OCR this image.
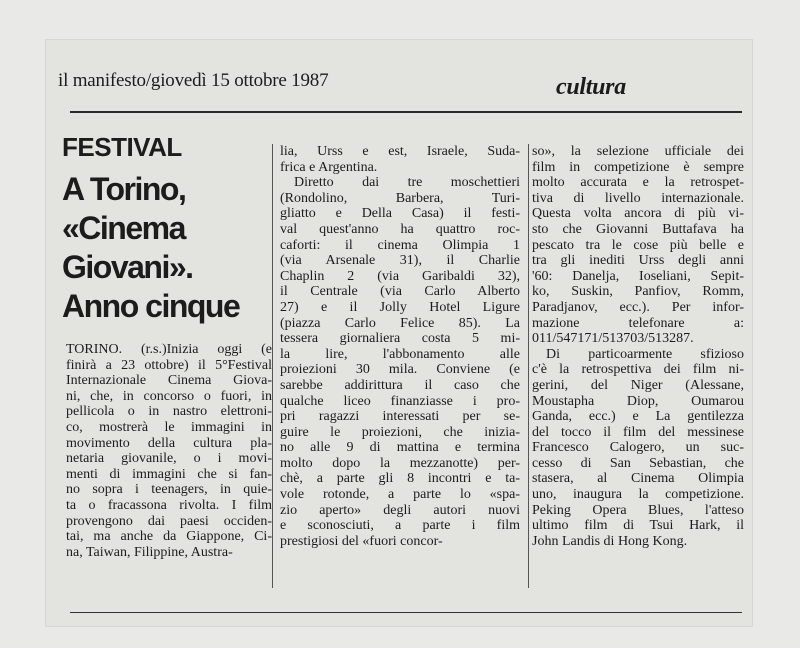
il manifesto/giovedì 15 ottobre 1987	cultura
FESTIVAL
A Torino,
«Cinema
Giovani».
Anno cinque
TORINO. (r.s.)Inizia oggi (e
finirà a 23 ottobre) il 5°Festival
Internazionale Cinema Giova-
ni, che, in concorso o fuori, in
pellicola o in nastro elettroni-
co, mostrerà le immagini in
movimento della cultura pla-
netaria giovanile, o i movi-
menti di immagini che si fan-
no sopra i teenagers, in quie-
ta o fracassona rivolta. I film
provengono dai paesi occiden-
tai, ma anche da Giappone, Ci-
na, Taiwan, Filippine, Austra-
lia, Urss e est, Israele, Suda-
frica e Argentina.
Diretto dai tre moschettieri
(Rondolino, Barbera, Turi-
gliatto e Della Casa) il festi-
val quest'anno ha quattro roc-
caforti: il cinema Olimpia 1
(via Arsenale 31), il Charlie
Chaplin 2 (via Garibaldi 32),
il Centrale (via Carlo Alberto
27) e il Jolly Hotel Ligure
(piazza Carlo Felice 85). La
tessera giornaliera costa 5 mi-
la lire, l'abbonamento alle
proiezioni 30 mila. Conviene (e
sarebbe addirittura il caso che
qualche liceo finanziasse i pro-
pri ragazzi interessati per se-
guire le proiezioni, che inizia-
no alle 9 di mattina e termina
molto dopo la mezzanotte) per-
chè, a parte gli 8 incontri e ta-
vole rotonde, a parte lo «spa-
zio aperto» degli autori nuovi
e sconosciuti, a parte i film
prestigiosi del «fuori concor-
so», la selezione ufficiale dei
film in competizione è sempre
molto accurata e la retrospet-
tiva di livello internazionale.
Questa volta ancora di più vi-
sto che Giovanni Buttafava ha
pescato tra le cose più belle e
tra gli inediti Urss degli anni
'60: Danelja, Ioseliani, Sepit-
ko, Suskin, Panfiov, Romm,
Paradjanov, ecc.). Per infor-
mazione telefonare a:
011/547171/513703/513287.
Di particoarmente sfizioso
c'è la retrospettiva dei film ni-
gerini, del Niger (Alessane,
Moustapha Diop, Oumarou
Ganda, ecc.) e La gentilezza
del tocco il film del messinese
Francesco Calogero, un suc-
cesso di San Sebastian, che
stasera, al Cinema Olimpia
uno, inaugura la competizione.
Peking Opera Blues, l'atteso
ultimo film di Tsui Hark, il
John Landis di Hong Kong.
